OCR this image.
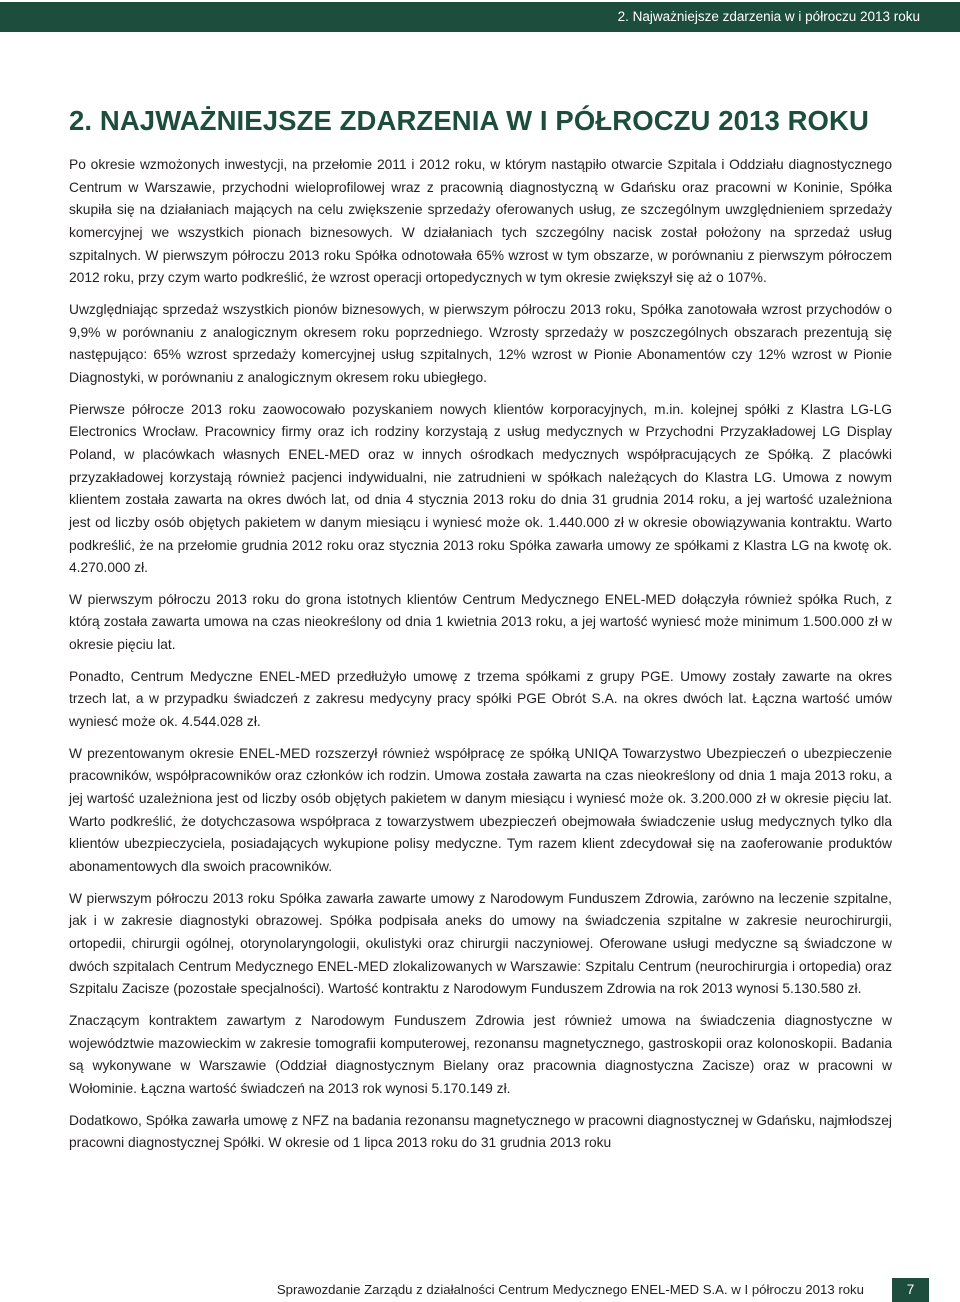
2. Najważniejsze zdarzenia w i półroczu 2013 roku
2. NAJWAŻNIEJSZE ZDARZENIA W I PÓŁROCZU 2013 ROKU

Po okresie wzmożonych inwestycji, na przełomie 2011 i 2012 roku, w którym nastąpiło otwarcie Szpitala i Oddziału diagnostycznego Centrum w Warszawie, przychodni wieloprofilowej wraz z pracownią diagnostyczną w Gdańsku oraz pracowni w Koninie, Spółka skupiła się na działaniach mających na celu zwiększenie sprzedaży oferowanych usług, ze szczególnym uwzględnieniem sprzedaży komercyjnej we wszystkich pionach biznesowych. W działaniach tych szczególny nacisk został położony na sprzedaż usług szpitalnych. W pierwszym półroczu 2013 roku Spółka odnotowała 65% wzrost w tym obszarze, w porównaniu z pierwszym półroczem 2012 roku, przy czym warto podkreślić, że wzrost operacji ortopedycznych w tym okresie zwiększył się aż o 107%.

Uwzględniając sprzedaż wszystkich pionów biznesowych, w pierwszym półroczu 2013 roku, Spółka zanotowała wzrost przychodów o 9,9% w porównaniu z analogicznym okresem roku poprzedniego. Wzrosty sprzedaży w poszczególnych obszarach prezentują się następująco: 65% wzrost sprzedaży komercyjnej usług szpitalnych, 12% wzrost w Pionie Abonamentów czy 12% wzrost w Pionie Diagnostyki, w porównaniu z analogicznym okresem roku ubiegłego.

Pierwsze półrocze 2013 roku zaowocowało pozyskaniem nowych klientów korporacyjnych, m.in. kolejnej spółki z Klastra LG-LG Electronics Wrocław. Pracownicy firmy oraz ich rodziny korzystają z usług medycznych w Przychodni Przyzakładowej LG Display Poland, w placówkach własnych ENEL-MED oraz w innych ośrodkach medycznych współpracujących ze Spółką. Z placówki przyzakładowej korzystają również pacjenci indywidualni, nie zatrudnieni w spółkach należących do Klastra LG. Umowa z nowym klientem została zawarta na okres dwóch lat, od dnia 4 stycznia 2013 roku do dnia 31 grudnia 2014 roku, a jej wartość uzależniona jest od liczby osób objętych pakietem w danym miesiącu i wyniesć może ok. 1.440.000 zł w okresie obowiązywania kontraktu. Warto podkreślić, że na przełomie grudnia 2012 roku oraz stycznia 2013 roku Spółka zawarła umowy ze spółkami z Klastra LG na kwotę ok. 4.270.000 zł.

W pierwszym półroczu 2013 roku do grona istotnych klientów Centrum Medycznego ENEL-MED dołączyła również spółka Ruch, z którą została zawarta umowa na czas nieokreślony od dnia 1 kwietnia 2013 roku, a jej wartość wyniesć może minimum 1.500.000 zł w okresie pięciu lat.

Ponadto, Centrum Medyczne ENEL-MED przedłużyło umowę z trzema spółkami z grupy PGE. Umowy zostały zawarte na okres trzech lat, a w przypadku świadczeń z zakresu medycyny pracy spółki PGE Obrót S.A. na okres dwóch lat. Łączna wartość umów wyniesć może ok. 4.544.028 zł.

W prezentowanym okresie ENEL-MED rozszerzył również współpracę ze spółką UNIQA Towarzystwo Ubezpieczeń o ubezpieczenie pracowników, współpracowników oraz członków ich rodzin. Umowa została zawarta na czas nieokreślony od dnia 1 maja 2013 roku, a jej wartość uzależniona jest od liczby osób objętych pakietem w danym miesiącu i wyniesć może ok. 3.200.000 zł w okresie pięciu lat. Warto podkreślić, że dotychczasowa współpraca z towarzystwem ubezpieczeń obejmowała świadczenie usług medycznych tylko dla klientów ubezpieczyciela, posiadających wykupione polisy medyczne. Tym razem klient zdecydował się na zaoferowanie produktów abonamentowych dla swoich pracowników.

W pierwszym półroczu 2013 roku Spółka zawarła zawarte umowy z Narodowym Funduszem Zdrowia, zarówno na leczenie szpitalne, jak i w zakresie diagnostyki obrazowej. Spółka podpisała aneks do umowy na świadczenia szpitalne w zakresie neurochirurgii, ortopedii, chirurgii ogólnej, otorynolaryngologii, okulistyki oraz chirurgii naczyniowej. Oferowane usługi medyczne są świadczone w dwóch szpitalach Centrum Medycznego ENEL-MED zlokalizowanych w Warszawie: Szpitalu Centrum (neurochirurgia i ortopedia) oraz Szpitalu Zacisze (pozostałe specjalności). Wartość kontraktu z Narodowym Funduszem Zdrowia na rok 2013 wynosi 5.130.580 zł.

Znaczącym kontraktem zawartym z Narodowym Funduszem Zdrowia jest również umowa na świadczenia diagnostyczne w województwie mazowieckim w zakresie tomografii komputerowej, rezonansu magnetycznego, gastroskopii oraz kolonoskopii. Badania są wykonywane w Warszawie (Oddział diagnostycznym Bielany oraz pracownia diagnostyczna Zacisze) oraz w pracowni w Wołominie. Łączna wartość świadczeń na 2013 rok wynosi 5.170.149 zł.

Dodatkowo, Spółka zawarła umowę z NFZ na badania rezonansu magnetycznego w pracowni diagnostycznej w Gdańsku, najmłodszej pracowni diagnostycznej Spółki. W okresie od 1 lipca 2013 roku do 31 grudnia 2013 roku

Sprawozdanie Zarządu z działalności Centrum Medycznego ENEL-MED S.A. w I półroczu 2013 roku	7
